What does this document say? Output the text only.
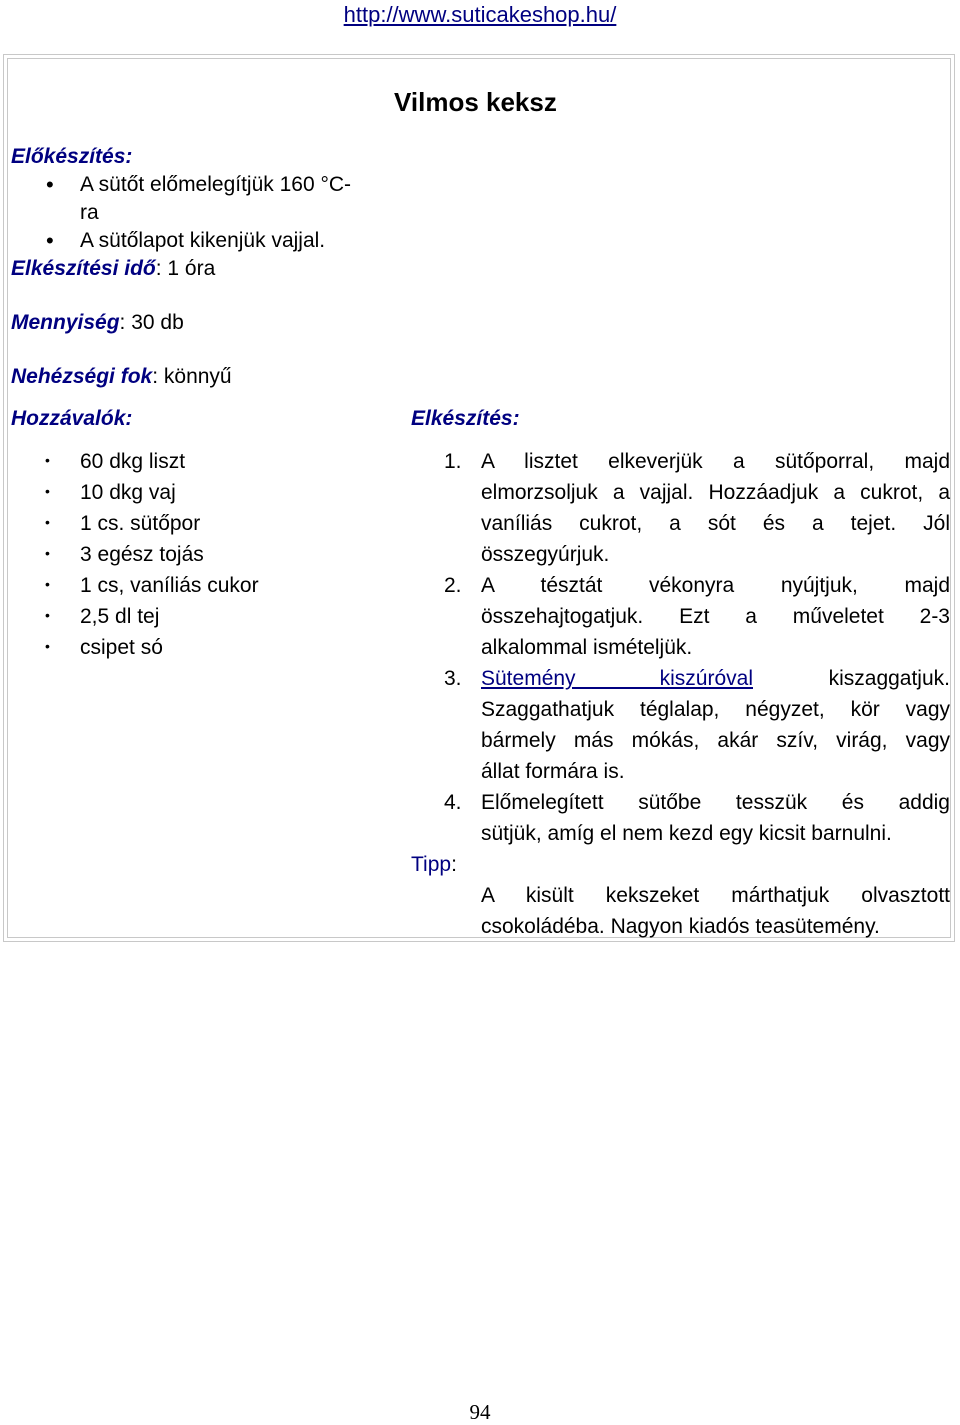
http://www.suticakeshop.hu/
Vilmos keksz
Előkészítés:
• A sütőt előmelegítjük 160 °C-
ra
• A sütőlapot kikenjük vajjal.
Elkészítési idő: 1 óra
Mennyiség: 30 db
Nehézségi fok: könnyű
Hozzávalók:
• 60 dkg liszt
• 10 dkg vaj
• 1 cs. sütőpor
• 3 egész tojás
• 1 cs, vaníliás cukor
• 2,5 dl tej
• csipet só
Elkészítés:
1. A lisztet elkeverjük a sütőporral, majd
elmorzsoljuk a vajjal. Hozzáadjuk a cukrot, a
vaníliás cukrot, a sót és a tejet. Jól
összegyúrjuk.
2. A tésztát vékonyra nyújtjuk, majd
összehajtogatjuk. Ezt a műveletet 2-3
alkalommal ismételjük.
3. Sütemény kiszúróval	kiszaggatjuk.
Szaggathatjuk téglalap, négyzet, kör vagy
bármely más mókás, akár szív, virág, vagy
állat formára is.
4. Előmelegített sütőbe tesszük és addig
sütjük, amíg el nem kezd egy kicsit barnulni.
Tipp:
A kisült kekszeket márthatjuk olvasztott
csokoládéba. Nagyon kiadós teasütemény.
94
